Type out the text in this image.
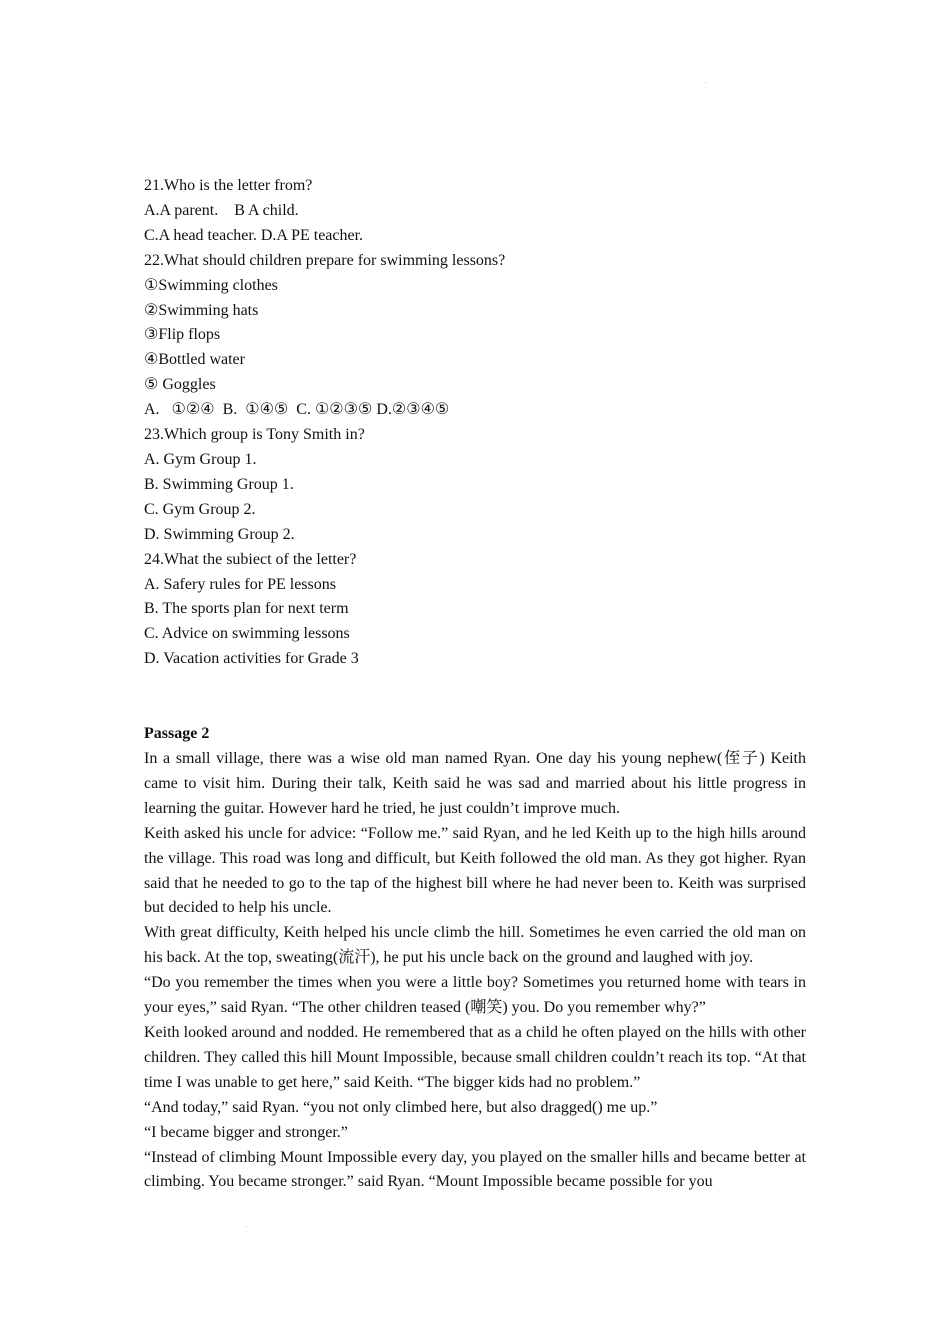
21.Who is the letter from?
A.A parent.    B A child.
C.A head teacher. D.A PE teacher.
22.What should children prepare for swimming lessons?
①Swimming clothes
②Swimming hats
③Flip flops
④Bottled water
⑤ Goggles
A.   ①②④  B.  ①④⑤  C. ①②③⑤ D.②③④⑤
23.Which group is Tony Smith in?
A. Gym Group 1.
B. Swimming Group 1.
C. Gym Group 2.
D. Swimming Group 2.
24.What the subiect of the letter?
A. Safery rules for PE lessons
B. The sports plan for next term
C. Advice on swimming lessons
D. Vacation activities for Grade 3
Passage 2

In a small village, there was a wise old man named Ryan. One day his young nephew(侄子) Keith came to visit him. During their talk, Keith said he was sad and married about his little progress in learning the guitar. However hard he tried, he just couldn’t improve much.

Keith asked his uncle for advice: “Follow me.” said Ryan, and he led Keith up to the high hills around the village. This road was long and difficult, but Keith followed the old man. As they got higher. Ryan said that he needed to go to the tap of the highest bill where he had never been to. Keith was surprised but decided to help his uncle.

With great difficulty, Keith helped his uncle climb the hill. Sometimes he even carried the old man on his back. At the top, sweating(流汗), he put his uncle back on the ground and laughed with joy.

“Do you remember the times when you were a little boy? Sometimes you returned home with tears in your eyes,” said Ryan. “The other children teased (嘲笑) you. Do you remember why?”

Keith looked around and nodded. He remembered that as a child he often played on the hills with other children. They called this hill Mount Impossible, because small children couldn’t reach its top. “At that time I was unable to get here,” said Keith. “The bigger kids had no problem.”

“And today,” said Ryan. “you not only climbed here, but also dragged() me up.”

“I became bigger and stronger.”

“Instead of climbing Mount Impossible every day, you played on the smaller hills and became better at climbing. You became stronger.” said Ryan. “Mount Impossible became possible for you
